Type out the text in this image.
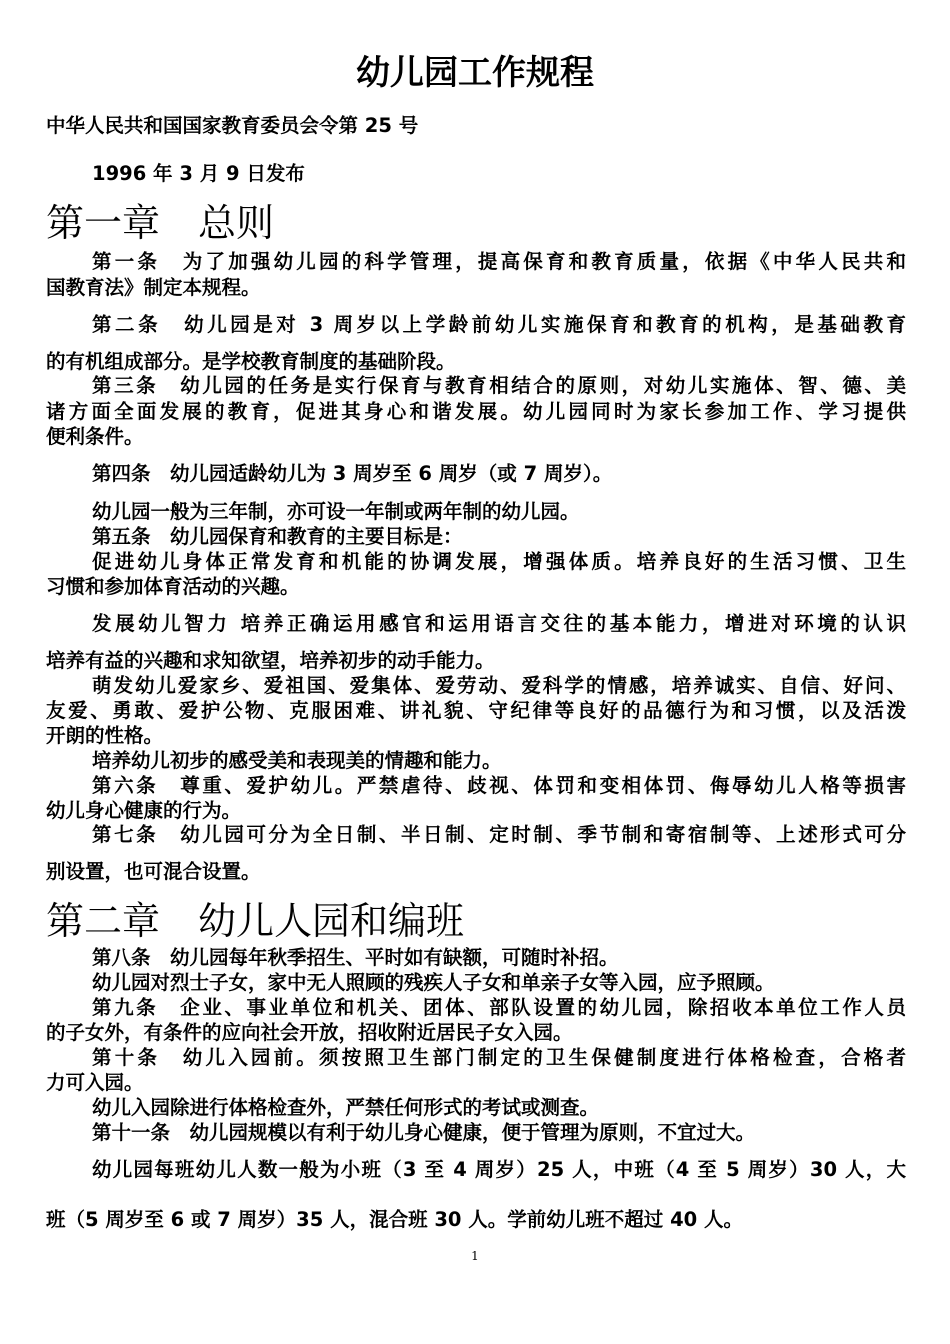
幼儿园工作规程
中华人民共和国国家教育委员会令第 25 号
1996 年 3 月 9 日发布
第一章　总则
第一条　为了加强幼儿园的科学管理，提高保育和教育质量，依据《中华人民共和
国教育法》制定本规程。
第二条　幼儿园是对 3 周岁以上学龄前幼儿实施保育和教育的机构，是基础教育
的有机组成部分。是学校教育制度的基础阶段。
第三条　幼儿园的任务是实行保育与教育相结合的原则，对幼儿实施体、智、德、美
诸方面全面发展的教育，促进其身心和谐发展。幼儿园同时为家长参加工作、学习提供
便利条件。
第四条　幼儿园适龄幼儿为 3 周岁至 6 周岁（或 7 周岁）。
幼儿园一般为三年制，亦可设一年制或两年制的幼儿园。
第五条　幼儿园保育和教育的主要目标是：
促进幼儿身体正常发育和机能的协调发展，增强体质。培养良好的生活习惯、卫生
习惯和参加体育活动的兴趣。
发展幼儿智力 培养正确运用感官和运用语言交往的基本能力，增进对环境的认识
培养有益的兴趣和求知欲望，培养初步的动手能力。
萌发幼儿爱家乡、爱祖国、爱集体、爱劳动、爱科学的情感，培养诚实、自信、好问、
友爱、勇敢、爱护公物、克服困难、讲礼貌、守纪律等良好的品德行为和习惯，以及活泼
开朗的性格。
培养幼儿初步的感受美和表现美的情趣和能力。
第六条　尊重、爱护幼儿。严禁虐待、歧视、体罚和变相体罚、侮辱幼儿人格等损害
幼儿身心健康的行为。
第七条　幼儿园可分为全日制、半日制、定时制、季节制和寄宿制等、上述形式可分
别设置，也可混合设置。
第二章　幼儿人园和编班
第八条　幼儿园每年秋季招生、平时如有缺额，可随时补招。
幼儿园对烈士子女，家中无人照顾的残疾人子女和单亲子女等入园，应予照顾。
第九条　企业、事业单位和机关、团体、部队设置的幼儿园，除招收本单位工作人员
的子女外，有条件的应向社会开放，招收附近居民子女入园。
第十条　幼儿入园前。须按照卫生部门制定的卫生保健制度进行体格检查，合格者
力可入园。
幼儿入园除进行体格检查外，严禁任何形式的考试或测查。
第十一条　幼儿园规模以有利于幼儿身心健康，便于管理为原则，不宜过大。
幼儿园每班幼儿人数一般为小班（3 至 4 周岁）25 人，中班（4 至 5 周岁）30 人，大
班（5 周岁至 6 或 7 周岁）35 人，混合班 30 人。学前幼儿班不超过 40 人。
1
